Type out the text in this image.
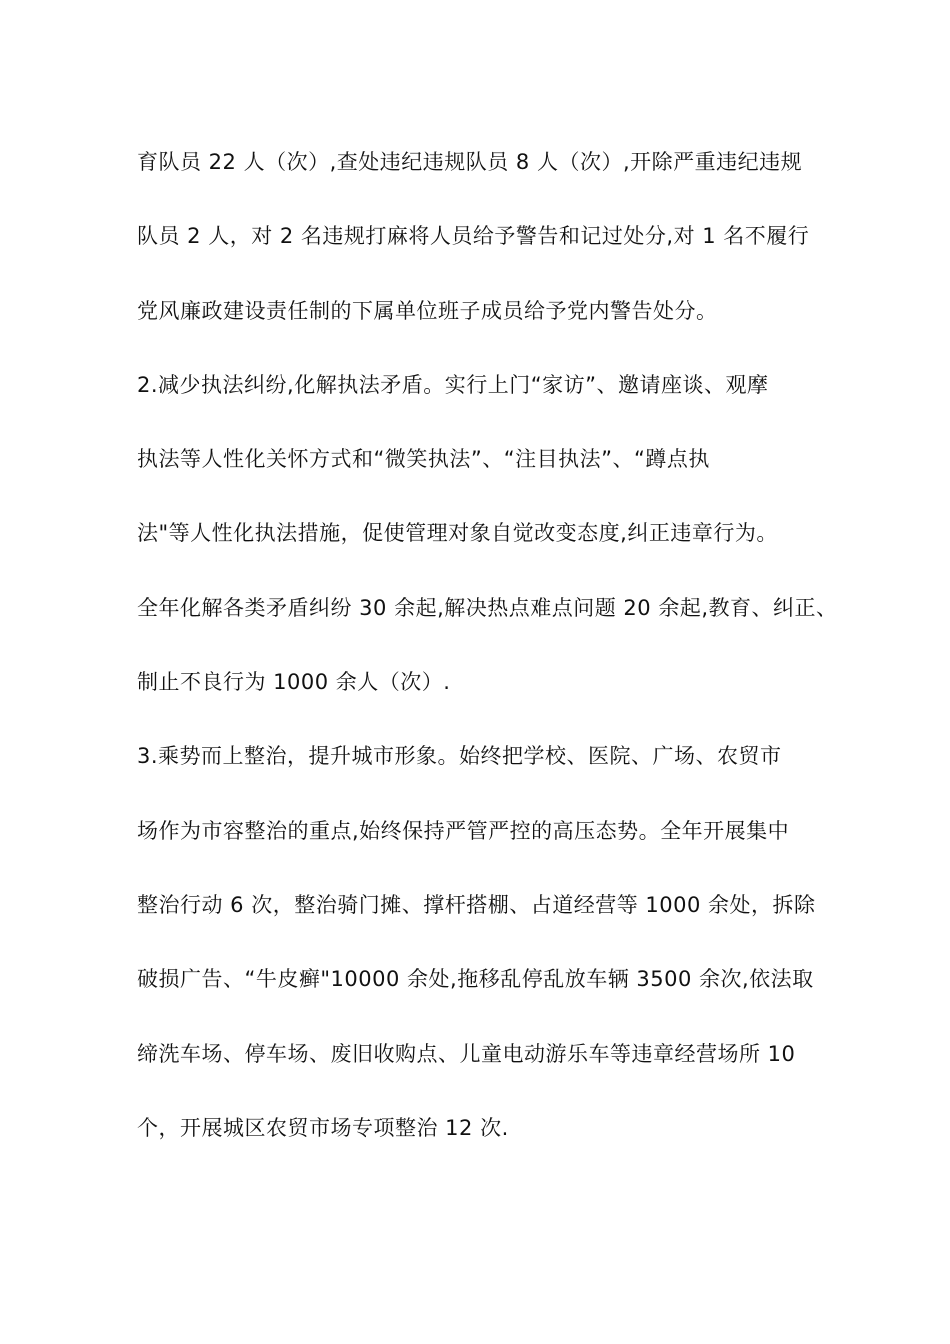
育队员 22 人（次）,查处违纪违规队员 8 人（次）,开除严重违纪违规
队员 2 人，对 2 名违规打麻将人员给予警告和记过处分,对 1 名不履行
党风廉政建设责任制的下属单位班子成员给予党内警告处分。
2.减少执法纠纷,化解执法矛盾。实行上门“家访”、邀请座谈、观摩
执法等人性化关怀方式和“微笑执法”、“注目执法”、“蹲点执
法"等人性化执法措施，促使管理对象自觉改变态度,纠正违章行为。
全年化解各类矛盾纠纷 30 余起,解决热点难点问题 20 余起,教育、纠正、
制止不良行为 1000 余人（次）.
3.乘势而上整治，提升城市形象。始终把学校、医院、广场、农贸市
场作为市容整治的重点,始终保持严管严控的高压态势。全年开展集中
整治行动 6 次，整治骑门摊、撑杆搭棚、占道经营等 1000 余处，拆除
破损广告、“牛皮癣"10000 余处,拖移乱停乱放车辆 3500 余次,依法取
缔洗车场、停车场、废旧收购点、儿童电动游乐车等违章经营场所 10
个，开展城区农贸市场专项整治 12 次.
